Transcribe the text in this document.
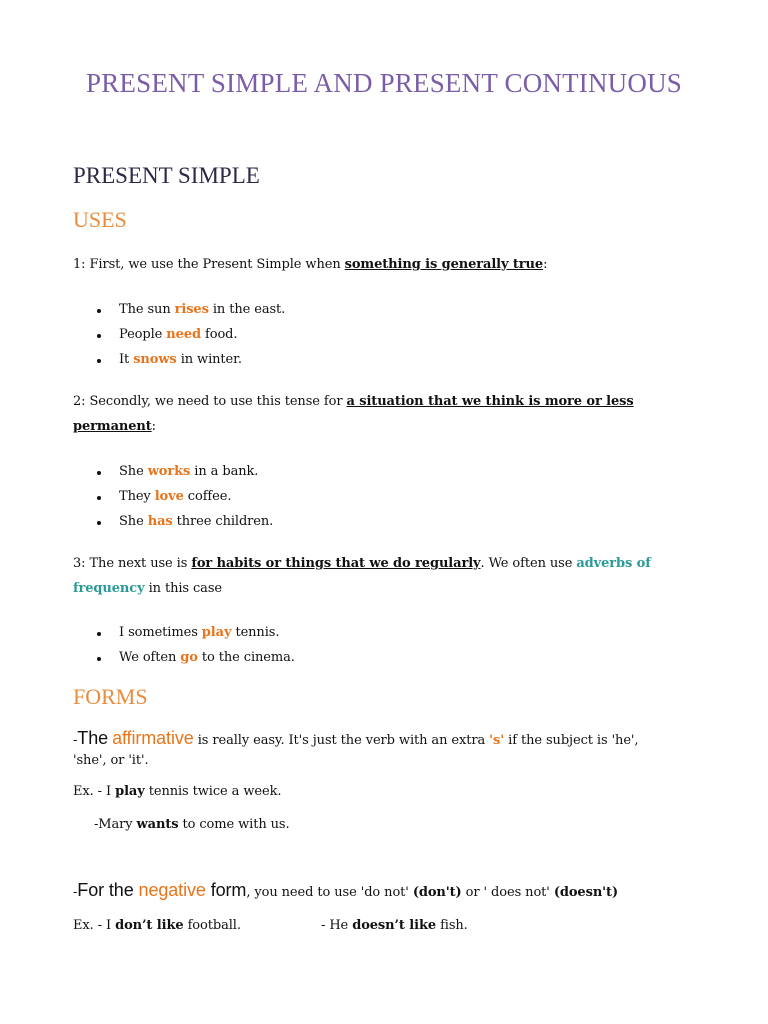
PRESENT SIMPLE AND PRESENT CONTINUOUS
PRESENT SIMPLE
USES
1: First, we use the Present Simple when something is generally true:
The sun rises in the east.
People need food.
It snows in winter.
2: Secondly, we need to use this tense for a situation that we think is more or less
permanent:
She works in a bank.
They love coffee.
She has three children.
3: The next use is for habits or things that we do regularly. We often use adverbs of
frequency in this case
I sometimes play tennis.
We often go to the cinema.
FORMS
-The affirmative is really easy. It's just the verb with an extra 's' if the subject is 'he',
'she', or 'it'.
Ex. - I play tennis twice a week.
-Mary wants to come with us.
-For the negative form, you need to use 'do not' (don't) or ' does not' (doesn't)
Ex. - I don’t like football.	- He doesn’t like fish.
